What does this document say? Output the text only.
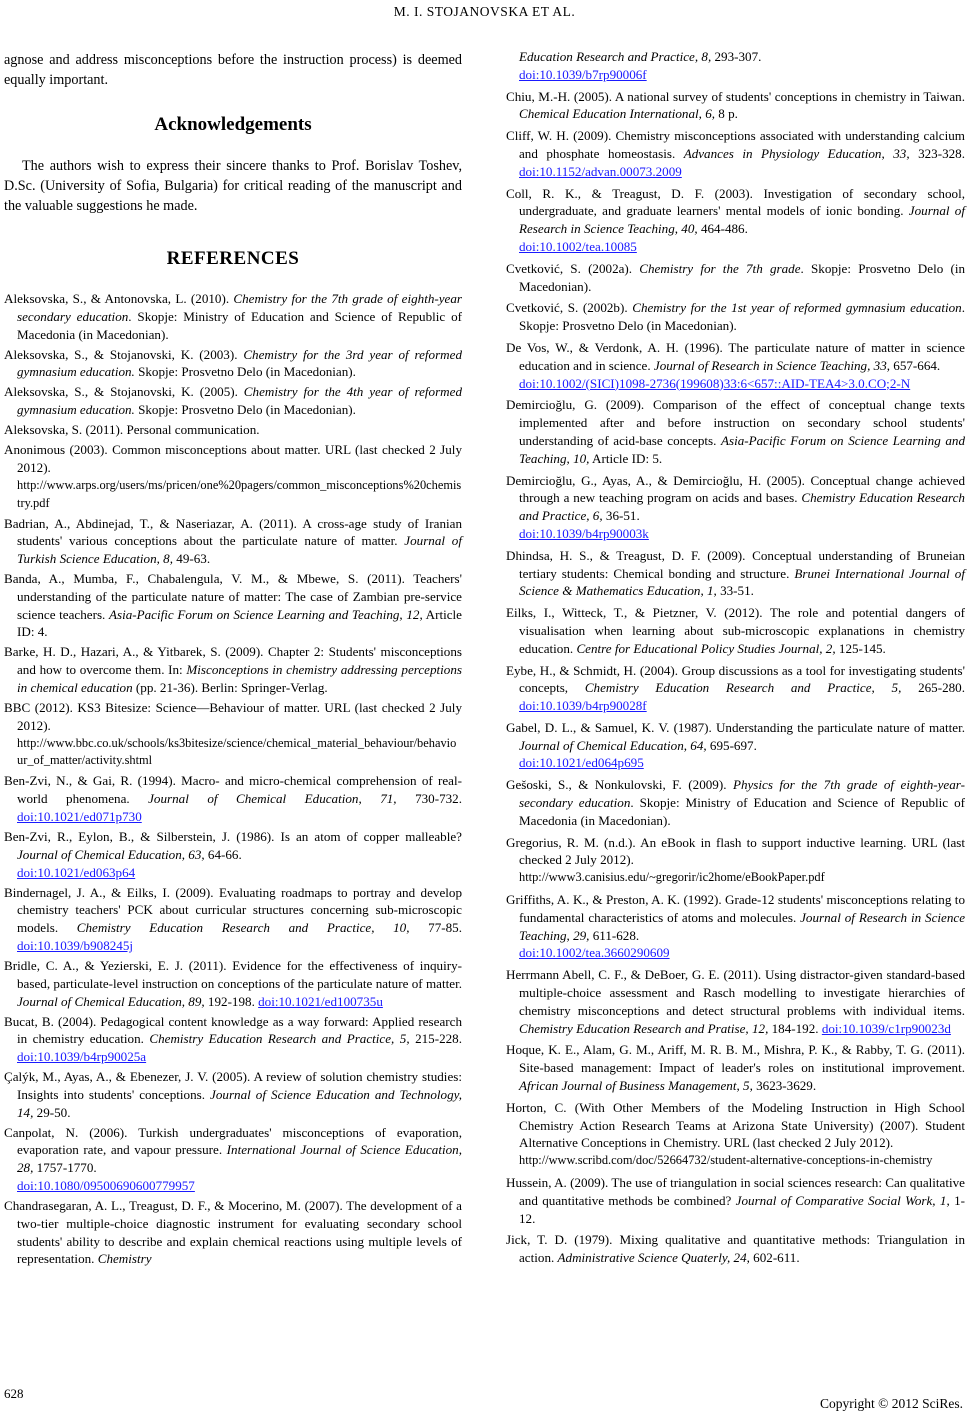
M. I. STOJANOVSKA ET AL.

agnose and address misconceptions before the instruction process) is deemed equally important.

Acknowledgements

The authors wish to express their sincere thanks to Prof. Borislav Toshev, D.Sc. (University of Sofia, Bulgaria) for critical reading of the manuscript and the valuable suggestions he made.

REFERENCES
Aleksovska, S., & Antonovska, L. (2010). Chemistry for the 7th grade of eighth-year secondary education. Skopje: Ministry of Education and Science of Republic of Macedonia (in Macedonian).
Aleksovska, S., & Stojanovski, K. (2003). Chemistry for the 3rd year of reformed gymnasium education. Skopje: Prosvetno Delo (in Macedonian).
Aleksovska, S., & Stojanovski, K. (2005). Chemistry for the 4th year of reformed gymnasium education. Skopje: Prosvetno Delo (in Macedonian).
Aleksovska, S. (2011). Personal communication.
Anonimous (2003). Common misconceptions about matter. URL (last checked 2 July 2012).
http://www.arps.org/users/ms/pricen/one%20pagers/common_misconceptions%20chemistry.pdf
Badrian, A., Abdinejad, T., & Naseriazar, A. (2011). A cross-age study of Iranian students' various conceptions about the particulate nature of matter. Journal of Turkish Science Education, 8, 49-63.
Banda, A., Mumba, F., Chabalengula, V. M., & Mbewe, S. (2011). Teachers' understanding of the particulate nature of matter: The case of Zambian pre-service science teachers. Asia-Pacific Forum on Science Learning and Teaching, 12, Article ID: 4.
Barke, H. D., Hazari, A., & Yitbarek, S. (2009). Chapter 2: Students' misconceptions and how to overcome them. In: Misconceptions in chemistry addressing perceptions in chemical education (pp. 21-36). Berlin: Springer-Verlag.
BBC (2012). KS3 Bitesize: Science—Behaviour of matter. URL (last checked 2 July 2012).
http://www.bbc.co.uk/schools/ks3bitesize/science/chemical_material_behaviour/behaviour_of_matter/activity.shtml
Ben-Zvi, N., & Gai, R. (1994). Macro- and micro-chemical comprehension of real-world phenomena. Journal of Chemical Education, 71, 730-732. doi:10.1021/ed071p730
Ben-Zvi, R., Eylon, B., & Silberstein, J. (1986). Is an atom of copper malleable? Journal of Chemical Education, 63, 64-66.
doi:10.1021/ed063p64
Bindernagel, J. A., & Eilks, I. (2009). Evaluating roadmaps to portray and develop chemistry teachers' PCK about curricular structures concerning sub-microscopic models. Chemistry Education Research and Practice, 10, 77-85. doi:10.1039/b908245j
Bridle, C. A., & Yezierski, E. J. (2011). Evidence for the effectiveness of inquiry-based, particulate-level instruction on conceptions of the particulate nature of matter. Journal of Chemical Education, 89, 192-198. doi:10.1021/ed100735u
Bucat, B. (2004). Pedagogical content knowledge as a way forward: Applied research in chemistry education. Chemistry Education Research and Practice, 5, 215-228. doi:10.1039/b4rp90025a
Çalýk, M., Ayas, A., & Ebenezer, J. V. (2005). A review of solution chemistry studies: Insights into students' conceptions. Journal of Science Education and Technology, 14, 29-50.
Canpolat, N. (2006). Turkish undergraduates' misconceptions of evaporation, evaporation rate, and vapour pressure. International Journal of Science Education, 28, 1757-1770.
doi:10.1080/09500690600779957
Chandrasegaran, A. L., Treagust, D. F., & Mocerino, M. (2007). The development of a two-tier multiple-choice diagnostic instrument for evaluating secondary school students' ability to describe and explain chemical reactions using multiple levels of representation. Chemistry
Education Research and Practice, 8, 293-307.
doi:10.1039/b7rp90006f
Chiu, M.-H. (2005). A national survey of students' conceptions in chemistry in Taiwan. Chemical Education International, 6, 8 p.
Cliff, W. H. (2009). Chemistry misconceptions associated with understanding calcium and phosphate homeostasis. Advances in Physiology Education, 33, 323-328. doi:10.1152/advan.00073.2009
Coll, R. K., & Treagust, D. F. (2003). Investigation of secondary school, undergraduate, and graduate learners' mental models of ionic bonding. Journal of Research in Science Teaching, 40, 464-486.
doi:10.1002/tea.10085
Cvetković, S. (2002a). Chemistry for the 7th grade. Skopje: Prosvetno Delo (in Macedonian).
Cvetković, S. (2002b). Chemistry for the 1st year of reformed gymnasium education. Skopje: Prosvetno Delo (in Macedonian).
De Vos, W., & Verdonk, A. H. (1996). The particulate nature of matter in science education and in science. Journal of Research in Science Teaching, 33, 657-664.
doi:10.1002/(SICI)1098-2736(199608)33:6<657::AID-TEA4>3.0.CO;2-N
Demircioğlu, G. (2009). Comparison of the effect of conceptual change texts implemented after and before instruction on secondary school students' understanding of acid-base concepts. Asia-Pacific Forum on Science Learning and Teaching, 10, Article ID: 5.
Demircioğlu, G., Ayas, A., & Demircioğlu, H. (2005). Conceptual change achieved through a new teaching program on acids and bases. Chemistry Education Research and Practice, 6, 36-51.
doi:10.1039/b4rp90003k
Dhindsa, H. S., & Treagust, D. F. (2009). Conceptual understanding of Bruneian tertiary students: Chemical bonding and structure. Brunei International Journal of Science & Mathematics Education, 1, 33-51.
Eilks, I., Witteck, T., & Pietzner, V. (2012). The role and potential dangers of visualisation when learning about sub-microscopic explanations in chemistry education. Centre for Educational Policy Studies Journal, 2, 125-145.
Eybe, H., & Schmidt, H. (2004). Group discussions as a tool for investigating students' concepts, Chemistry Education Research and Practice, 5, 265-280. doi:10.1039/b4rp90028f
Gabel, D. L., & Samuel, K. V. (1987). Understanding the particulate nature of matter. Journal of Chemical Education, 64, 695-697.
doi:10.1021/ed064p695
Gešoski, S., & Nonkulovski, F. (2009). Physics for the 7th grade of eighth-year-secondary education. Skopje: Ministry of Education and Science of Republic of Macedonia (in Macedonian).
Gregorius, R. M. (n.d.). An eBook in flash to support inductive learning. URL (last checked 2 July 2012).
http://www3.canisius.edu/~gregorir/ic2home/eBookPaper.pdf
Griffiths, A. K., & Preston, A. K. (1992). Grade-12 students' misconceptions relating to fundamental characteristics of atoms and molecules. Journal of Research in Science Teaching, 29, 611-628.
doi:10.1002/tea.3660290609
Herrmann Abell, C. F., & DeBoer, G. E. (2011). Using distractor-given standard-based multiple-choice assessment and Rasch modelling to investigate hierarchies of chemistry misconceptions and detect structural problems with individual items. Chemistry Education Research and Pratise, 12, 184-192. doi:10.1039/c1rp90023d
Hoque, K. E., Alam, G. M., Ariff, M. R. B. M., Mishra, P. K., & Rabby, T. G. (2011). Site-based management: Impact of leader's roles on institutional improvement. African Journal of Business Management, 5, 3623-3629.
Horton, C. (With Other Members of the Modeling Instruction in High School Chemistry Action Research Teams at Arizona State University) (2007). Student Alternative Conceptions in Chemistry. URL (last checked 2 July 2012).
http://www.scribd.com/doc/52664732/student-alternative-conceptions-in-chemistry
Hussein, A. (2009). The use of triangulation in social sciences research: Can qualitative and quantitative methods be combined? Journal of Comparative Social Work, 1, 1-12.
Jick, T. D. (1979). Mixing qualitative and quantitative methods: Triangulation in action. Administrative Science Quaterly, 24, 602-611.
628
Copyright © 2012 SciRes.
